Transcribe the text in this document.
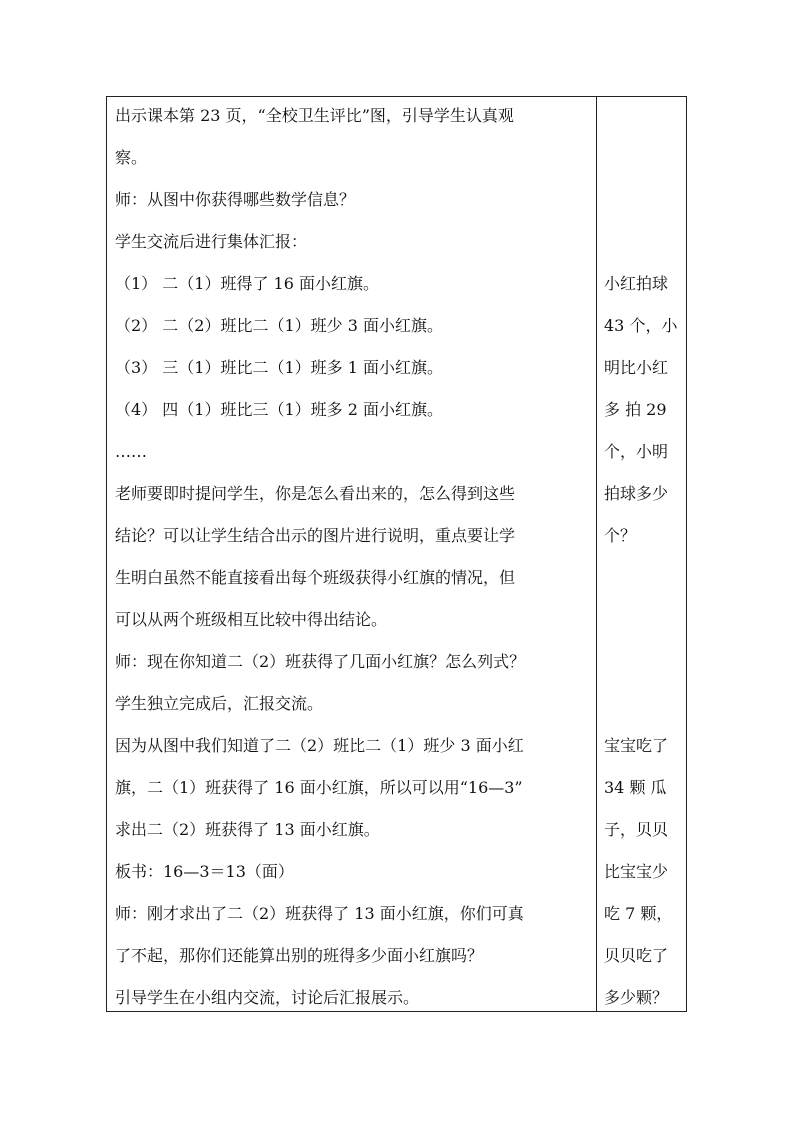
出示课本第 23 页，“全校卫生评比”图，引导学生认真观
察。
师：从图中你获得哪些数学信息？
学生交流后进行集体汇报：
（1） 二（1）班得了 16 面小红旗。
（2） 二（2）班比二（1）班少 3 面小红旗。
（3） 三（1）班比二（1）班多 1 面小红旗。
（4） 四（1）班比三（1）班多 2 面小红旗。
……
老师要即时提问学生，你是怎么看出来的，怎么得到这些
结论？可以让学生结合出示的图片进行说明，重点要让学
生明白虽然不能直接看出每个班级获得小红旗的情况，但
可以从两个班级相互比较中得出结论。
师：现在你知道二（2）班获得了几面小红旗？怎么列式？
学生独立完成后，汇报交流。
因为从图中我们知道了二（2）班比二（1）班少 3 面小红
旗，二（1）班获得了 16 面小红旗，所以可以用“16—3”
求出二（2）班获得了 13 面小红旗。
板书：16—3＝13（面）
师：刚才求出了二（2）班获得了 13 面小红旗，你们可真
了不起，那你们还能算出别的班得多少面小红旗吗？
引导学生在小组内交流，讨论后汇报展示。
小红拍球
43 个，小
明比小红
多 拍 29
个，小明
拍球多少
个？
宝宝吃了
34 颗 瓜
子，贝贝
比宝宝少
吃 7 颗，
贝贝吃了
多少颗？
